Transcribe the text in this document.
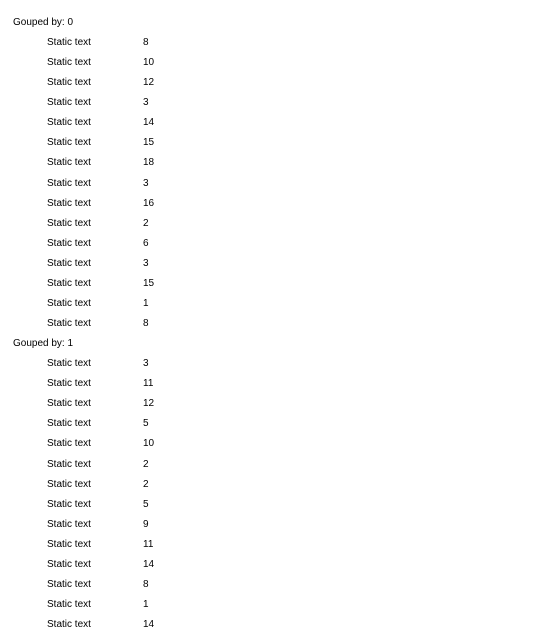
Gouped by: 0
Static text	8
Static text	10
Static text	12
Static text	3
Static text	14
Static text	15
Static text	18
Static text	3
Static text	16
Static text	2
Static text	6
Static text	3
Static text	15
Static text	1
Static text	8
Gouped by: 1
Static text	3
Static text	11
Static text	12
Static text	5
Static text	10
Static text	2
Static text	2
Static text	5
Static text	9
Static text	11
Static text	14
Static text	8
Static text	1
Static text	14
